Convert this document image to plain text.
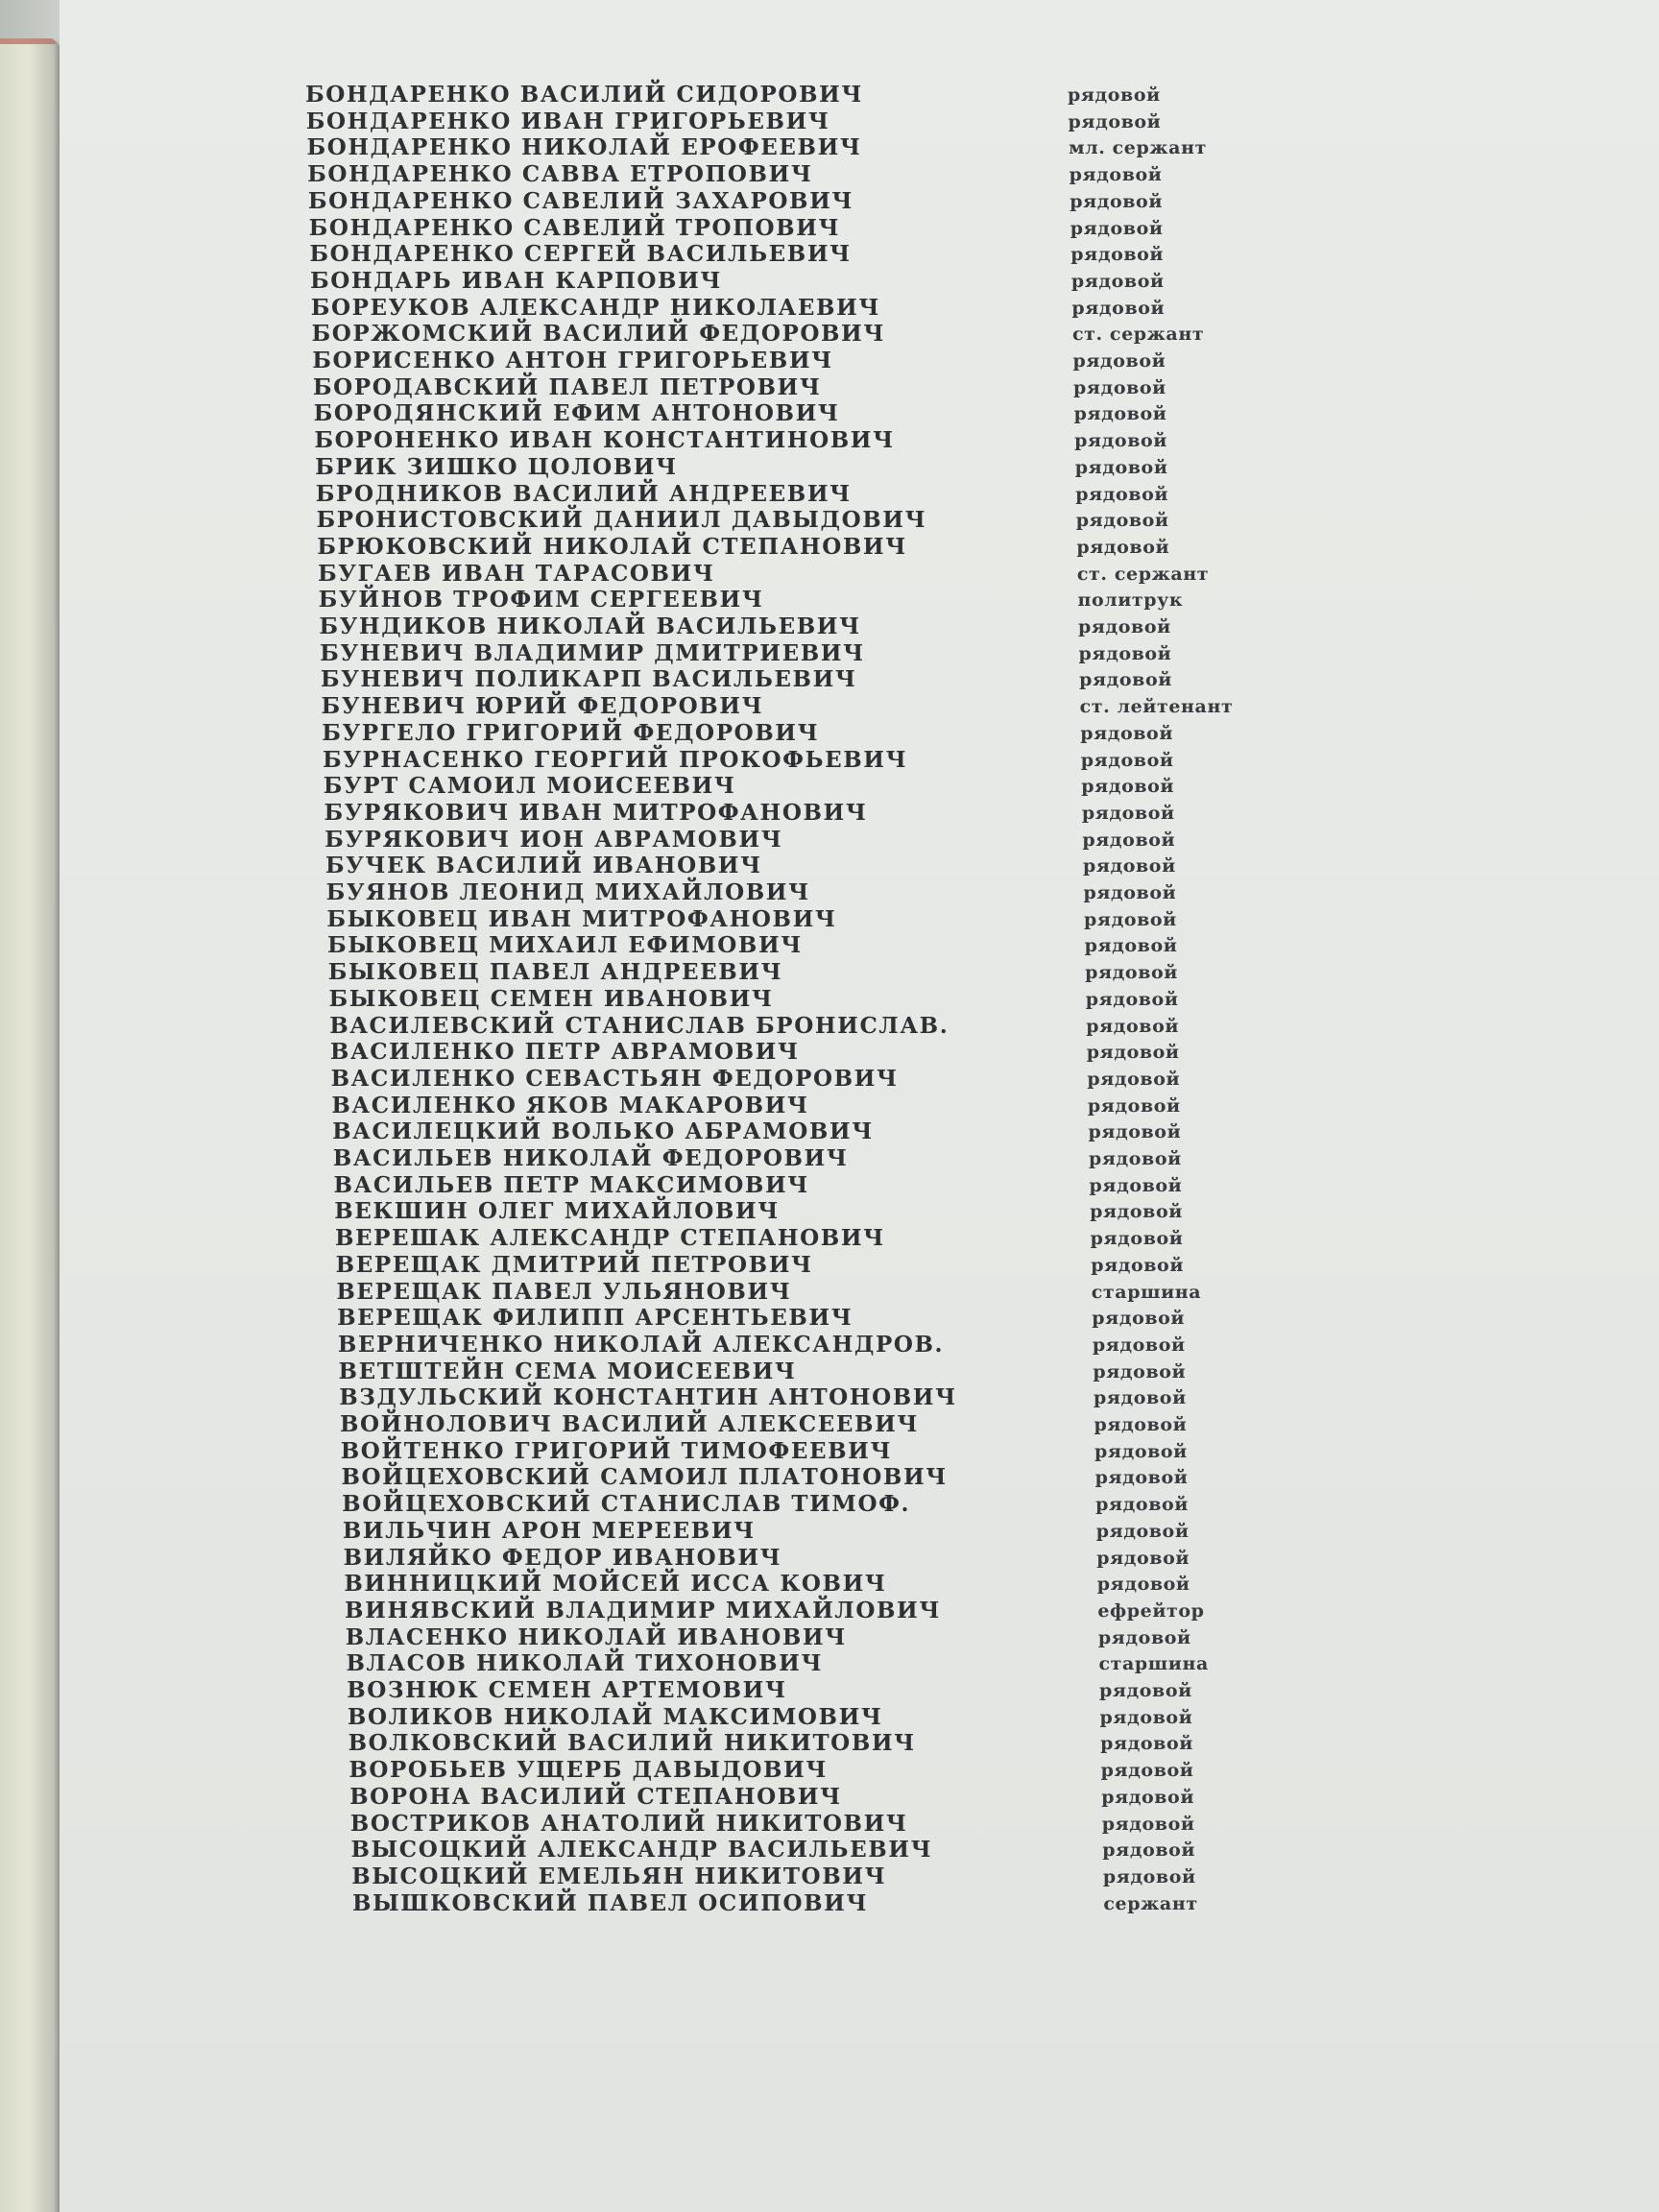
БОНДАРЕНКО ВАСИЛИЙ СИДОРОВИЧ	рядовой
БОНДАРЕНКО ИВАН ГРИГОРЬЕВИЧ	рядовой
БОНДАРЕНКО НИКОЛАЙ ЕРОФЕЕВИЧ	мл. сержант
БОНДАРЕНКО САВВА ЕТРОПОВИЧ	рядовой
БОНДАРЕНКО САВЕЛИЙ ЗАХАРОВИЧ	рядовой
БОНДАРЕНКО САВЕЛИЙ ТРОПОВИЧ	рядовой
БОНДАРЕНКО СЕРГЕЙ ВАСИЛЬЕВИЧ	рядовой
БОНДАРЬ ИВАН КАРПОВИЧ	рядовой
БОРЕУКОВ АЛЕКСАНДР НИКОЛАЕВИЧ	рядовой
БОРЖОМСКИЙ ВАСИЛИЙ ФЕДОРОВИЧ	ст. сержант
БОРИСЕНКО АНТОН ГРИГОРЬЕВИЧ	рядовой
БОРОДАВСКИЙ ПАВЕЛ ПЕТРОВИЧ	рядовой
БОРОДЯНСКИЙ ЕФИМ АНТОНОВИЧ	рядовой
БОРОНЕНКО ИВАН КОНСТАНТИНОВИЧ	рядовой
БРИК ЗИШКО ЦОЛОВИЧ	рядовой
БРОДНИКОВ ВАСИЛИЙ АНДРЕЕВИЧ	рядовой
БРОНИСТОВСКИЙ ДАНИИЛ ДАВЫДОВИЧ	рядовой
БРЮКОВСКИЙ НИКОЛАЙ СТЕПАНОВИЧ	рядовой
БУГАЕВ ИВАН ТАРАСОВИЧ	ст. сержант
БУЙНОВ ТРОФИМ СЕРГЕЕВИЧ	политрук
БУНДИКОВ НИКОЛАЙ ВАСИЛЬЕВИЧ	рядовой
БУНЕВИЧ ВЛАДИМИР ДМИТРИЕВИЧ	рядовой
БУНЕВИЧ ПОЛИКАРП ВАСИЛЬЕВИЧ	рядовой
БУНЕВИЧ ЮРИЙ ФЕДОРОВИЧ	ст. лейтенант
БУРГЕЛО ГРИГОРИЙ ФЕДОРОВИЧ	рядовой
БУРНАСЕНКО ГЕОРГИЙ ПРОКОФЬЕВИЧ	рядовой
БУРТ САМОИЛ МОИСЕЕВИЧ	рядовой
БУРЯКОВИЧ ИВАН МИТРОФАНОВИЧ	рядовой
БУРЯКОВИЧ ИОН АВРАМОВИЧ	рядовой
БУЧЕК ВАСИЛИЙ ИВАНОВИЧ	рядовой
БУЯНОВ ЛЕОНИД МИХАЙЛОВИЧ	рядовой
БЫКОВЕЦ ИВАН МИТРОФАНОВИЧ	рядовой
БЫКОВЕЦ МИХАИЛ ЕФИМОВИЧ	рядовой
БЫКОВЕЦ ПАВЕЛ АНДРЕЕВИЧ	рядовой
БЫКОВЕЦ СЕМЕН ИВАНОВИЧ	рядовой
ВАСИЛЕВСКИЙ СТАНИСЛАВ БРОНИСЛАВ.	рядовой
ВАСИЛЕНКО ПЕТР АВРАМОВИЧ	рядовой
ВАСИЛЕНКО СЕВАСТЬЯН ФЕДОРОВИЧ	рядовой
ВАСИЛЕНКО ЯКОВ МАКАРОВИЧ	рядовой
ВАСИЛЕЦКИЙ ВОЛЬКО АБРАМОВИЧ	рядовой
ВАСИЛЬЕВ НИКОЛАЙ ФЕДОРОВИЧ	рядовой
ВАСИЛЬЕВ ПЕТР МАКСИМОВИЧ	рядовой
ВЕКШИН ОЛЕГ МИХАЙЛОВИЧ	рядовой
ВЕРЕШАК АЛЕКСАНДР СТЕПАНОВИЧ	рядовой
ВЕРЕЩАК ДМИТРИЙ ПЕТРОВИЧ	рядовой
ВЕРЕЩАК ПАВЕЛ УЛЬЯНОВИЧ	старшина
ВЕРЕЩАК ФИЛИПП АРСЕНТЬЕВИЧ	рядовой
ВЕРНИЧЕНКО НИКОЛАЙ АЛЕКСАНДРОВ.	рядовой
ВЕТШТЕЙН СЕМА МОИСЕЕВИЧ	рядовой
ВЗДУЛЬСКИЙ КОНСТАНТИН АНТОНОВИЧ	рядовой
ВОЙНОЛОВИЧ ВАСИЛИЙ АЛЕКСЕЕВИЧ	рядовой
ВОЙТЕНКО ГРИГОРИЙ ТИМОФЕЕВИЧ	рядовой
ВОЙЦЕХОВСКИЙ САМОИЛ ПЛАТОНОВИЧ	рядовой
ВОЙЦЕХОВСКИЙ СТАНИСЛАВ ТИМОФ.	рядовой
ВИЛЬЧИН АРОН МЕРЕЕВИЧ	рядовой
ВИЛЯЙКО ФЕДОР ИВАНОВИЧ	рядовой
ВИННИЦКИЙ МОЙСЕЙ ИССА КОВИЧ	рядовой
ВИНЯВСКИЙ ВЛАДИМИР МИХАЙЛОВИЧ	ефрейтор
ВЛАСЕНКО НИКОЛАЙ ИВАНОВИЧ	рядовой
ВЛАСОВ НИКОЛАЙ ТИХОНОВИЧ	старшина
ВОЗНЮК СЕМЕН АРТЕМОВИЧ	рядовой
ВОЛИКОВ НИКОЛАЙ МАКСИМОВИЧ	рядовой
ВОЛКОВСКИЙ ВАСИЛИЙ НИКИТОВИЧ	рядовой
ВОРОБЬЕВ УЩЕРБ ДАВЫДОВИЧ	рядовой
ВОРОНА ВАСИЛИЙ СТЕПАНОВИЧ	рядовой
ВОСТРИКОВ АНАТОЛИЙ НИКИТОВИЧ	рядовой
ВЫСОЦКИЙ АЛЕКСАНДР ВАСИЛЬЕВИЧ	рядовой
ВЫСОЦКИЙ ЕМЕЛЬЯН НИКИТОВИЧ	рядовой
ВЫШКОВСКИЙ ПАВЕЛ ОСИПОВИЧ	сержант
